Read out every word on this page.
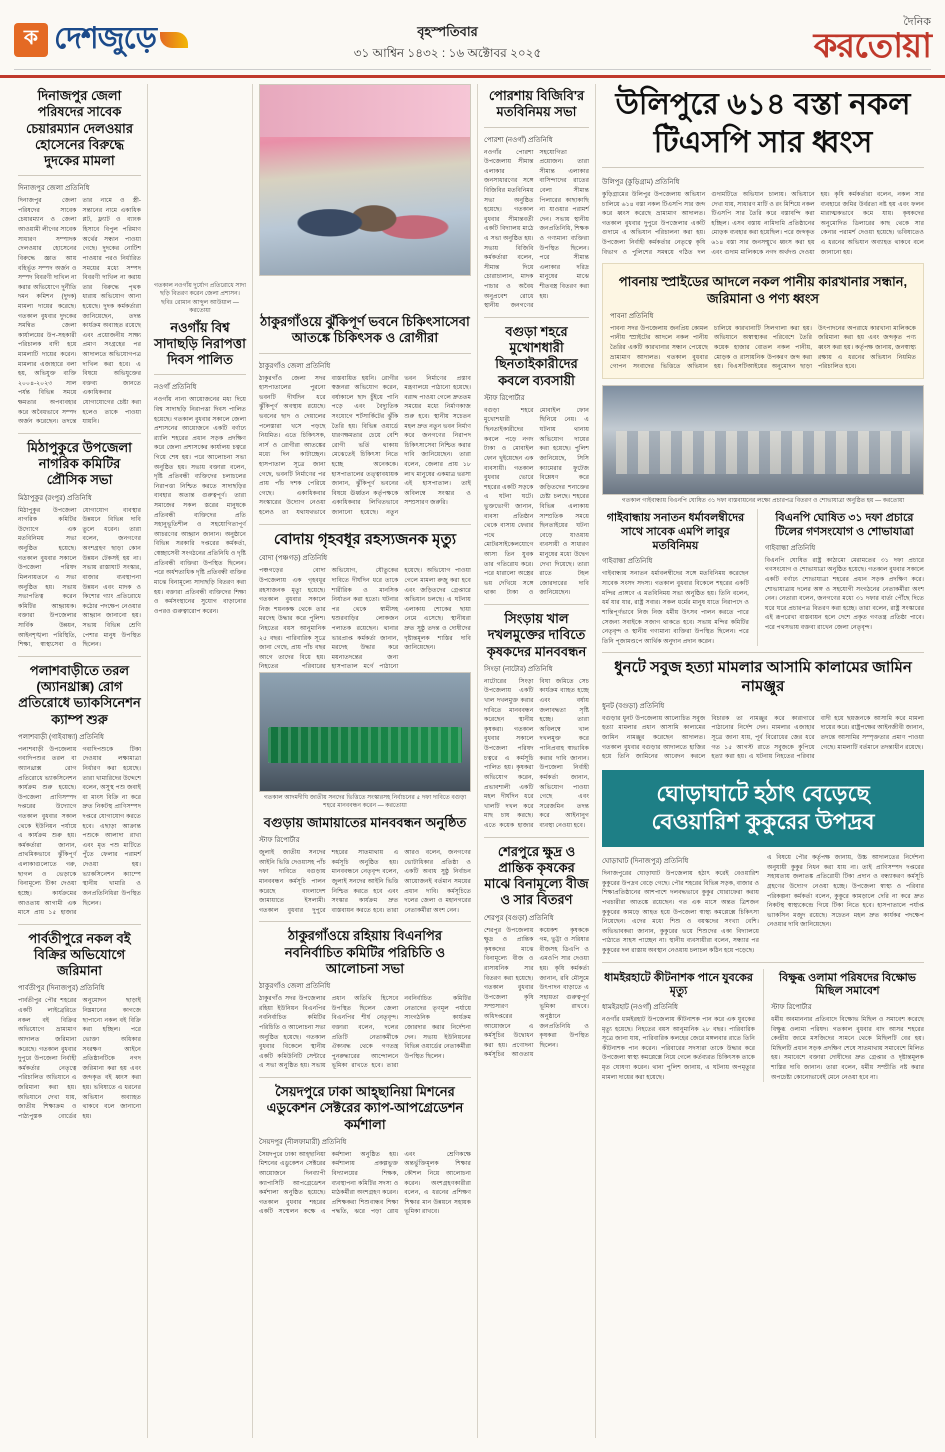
ক দেশজুড়ে	বৃহস্পতিবার
৩১ আশ্বিন ১৪৩২ : ১৬ অক্টোবর ২০২৫
দৈনিক
করতোয়া
দিনাজপুর জেলা পরিষদের সাবেক চেয়ারম্যান দেলওয়ার হোসেনের বিরুদ্ধে দুদকের মামলা
দিনাজপুর জেলা প্রতিনিধি
দিনাজপুর জেলা পরিষদের সাবেক চেয়ারম্যান ও জেলা আওয়ামী লীগের সাবেক সাধারণ সম্পাদক দেলওয়ার হোসেনের বিরুদ্ধে জ্ঞাত আয় বহির্ভূত সম্পদ অর্জন ও সম্পদ বিবরণী দাখিল না করার অভিযোগে দুর্নীতি দমন কমিশন (দুদক) মামলা দায়ের করেছে। গতকাল বুধবার দুদকের সমন্বিত জেলা কার্যালয়ের উপ-সহকারী পরিচালক বাদী হয়ে মামলাটি দায়ের করেন। মামলার এজাহারে বলা হয়, অভিযুক্ত ব্যক্তি ২০০৪-২০২৩ সাল পর্যন্ত বিভিন্ন সময়ে ক্ষমতার অপব্যবহার করে অবৈধভাবে সম্পদ অর্জন করেছেন। তদন্তে তার নামে ও স্ত্রী-সন্তানের নামে একাধিক প্লট, ফ্ল্যাট ও ব্যাংক হিসাবে বিপুল পরিমাণ অর্থের সন্ধান পাওয়া গেছে। দুদকের নোটিশ পাওয়ার পরও নির্ধারিত সময়ের মধ্যে সম্পদ বিবরণী দাখিল না করায় তার বিরুদ্ধে পৃথক ধারায় অভিযোগ আনা হয়েছে। দুদক কর্মকর্তারা জানিয়েছেন, তদন্ত কার্যক্রম অব্যাহত রয়েছে এবং প্রয়োজনীয় সাক্ষ্য প্রমাণ সংগ্রহের পর আদালতে অভিযোগপত্র দাখিল করা হবে। এ বিষয়ে অভিযুক্তের বক্তব্য জানতে একাধিকবার যোগাযোগের চেষ্টা করা হলেও তাকে পাওয়া যায়নি।
মিঠাপুকুরে উপজেলা নাগরিক কমিটির প্রৌসিক সভা
মিঠাপুকুর (রংপুর) প্রতিনিধি
মিঠাপুকুর উপজেলা নাগরিক কমিটির উদ্যোগে এক মতবিনিময় সভা অনুষ্ঠিত হয়েছে। গতকাল বুধবার সকালে উপজেলা পরিষদ মিলনায়তনে এ সভা অনুষ্ঠিত হয়। সভায় সভাপতিত্ব করেন কমিটির আহ্বায়ক। বক্তারা উপজেলার সার্বিক উন্নয়ন, আইনশৃঙ্খলা পরিস্থিতি, শিক্ষা, স্বাস্থ্যসেবা ও যোগাযোগ ব্যবস্থার উন্নয়নে বিভিন্ন দাবি তুলে ধরেন। তারা বলেন, জনগণের অংশগ্রহণ ছাড়া কোন উন্নয়ন টেকসই হয় না। সভায় রাস্তাঘাট সংস্কার, বাজার ব্যবস্থাপনা উন্নয়ন এবং মাদক ও কিশোর গ্যাং প্রতিরোধে কঠোর পদক্ষেপ নেওয়ার আহ্বান জানানো হয়। সভায় বিভিন্ন শ্রেণি পেশার মানুষ উপস্থিত ছিলেন।
পলাশবাড়ীতে তরল (অ্যানথ্রাক্স) রোগ প্রতিরোধে ভ্যাকসিনেশন ক্যাম্প শুরু
পলাশবাড়ী (গাইবান্ধা) প্রতিনিধি
পলাশবাড়ী উপজেলায় গবাদিপশুর তরল বা অ্যানথ্রাক্স রোগ প্রতিরোধে ভ্যাকসিনেশন কার্যক্রম শুরু হয়েছে। উপজেলা প্রাণিসম্পদ দপ্তরের উদ্যোগে গতকাল বুধবার সকাল থেকে ইউনিয়ন পর্যায়ে এ কার্যক্রম শুরু হয়। কর্মকর্তারা জানান, প্রাথমিকভাবে ঝুঁকিপূর্ণ এলাকাগুলোতে গরু, ছাগল ও ভেড়াকে বিনামূল্যে টিকা দেওয়া হচ্ছে। কার্যক্রমের আওতায় আগামী এক মাসে প্রায় ১৫ হাজার গবাদিপশুকে টিকা দেওয়ার লক্ষ্যমাত্রা নির্ধারণ করা হয়েছে। তারা খামারিদের উদ্দেশে বলেন, অসুস্থ পশু জবাই বা মাংস বিক্রি না করে দ্রুত নিকটস্থ প্রাণিসম্পদ দপ্তরে যোগাযোগ করতে হবে। এছাড়া আক্রান্ত পশুকে আলাদা রাখা এবং মৃত পশু মাটিতে পুঁতে ফেলার পরামর্শ দেওয়া হয়। ভ্যাকসিনেশন ক্যাম্পে স্থানীয় খামারি ও জনপ্রতিনিধিরা উপস্থিত ছিলেন।
পার্বতীপুরে নকল বই বিক্রির অভিযোগে জরিমানা
পার্বতীপুর (দিনাজপুর) প্রতিনিধি
পার্বতীপুর পৌর শহরের একটি লাইব্রেরিতে নকল বই বিক্রির অভিযোগে ভ্রাম্যমাণ আদালত জরিমানা করেছে। গতকাল বুধবার দুপুরে উপজেলা নির্বাহী কর্মকর্তার নেতৃত্বে পরিচালিত অভিযানে এ জরিমানা করা হয়। অভিযানে দেখা যায়, জাতীয় শিক্ষাক্রম ও পাঠ্যপুস্তক বোর্ডের অনুমোদন ছাড়াই নিম্নমানের কাগজে ছাপানো নকল বই বিক্রি করা হচ্ছিল। পরে ভোক্তা অধিকার সংরক্ষণ আইনে প্রতিষ্ঠানটিকে নগদ জরিমানা করা হয় এবং জব্দকৃত বই ধ্বংস করা হয়। ভবিষ্যতে এ ধরনের অভিযান অব্যাহত থাকবে বলে জানানো হয়।
গতকাল নওগাঁয় দুর্যোগ প্রতিরোধে সাদা ছড়ি বিতরণ করেন জেলা প্রশাসন। ছবিঃ রোমান আব্দুল আউয়াল — করতোয়া
নওগাঁয় বিশ্ব সাদাছড়ি নিরাপত্তা দিবস পালিত
নওগাঁ প্রতিনিধি
নওগাঁয় নানা আয়োজনের মধ্য দিয়ে বিশ্ব সাদাছড়ি নিরাপত্তা দিবস পালিত হয়েছে। গতকাল বুধবার সকালে জেলা প্রশাসনের আয়োজনে একটি বর্ণাঢ্য র‍্যালি শহরের প্রধান সড়ক প্রদক্ষিণ করে জেলা প্রশাসকের কার্যালয় চত্বরে গিয়ে শেষ হয়। পরে আলোচনা সভা অনুষ্ঠিত হয়। সভায় বক্তারা বলেন, দৃষ্টি প্রতিবন্ধী ব্যক্তিদের চলাচলের নিরাপত্তা নিশ্চিত করতে সাদাছড়ির ব্যবহার অত্যন্ত গুরুত্বপূর্ণ। তারা সমাজের সকল স্তরের মানুষকে প্রতিবন্ধী ব্যক্তিদের প্রতি সহানুভূতিশীল ও সহযোগিতাপূর্ণ আচরণের আহ্বান জানান। অনুষ্ঠানে বিভিন্ন সরকারি দপ্তরের কর্মকর্তা, স্বেচ্ছাসেবী সংগঠনের প্রতিনিধি ও দৃষ্টি প্রতিবন্ধী ব্যক্তিরা উপস্থিত ছিলেন। পরে অর্ধশতাধিক দৃষ্টি প্রতিবন্ধী ব্যক্তির মাঝে বিনামূল্যে সাদাছড়ি বিতরণ করা হয়। বক্তারা প্রতিবন্ধী ব্যক্তিদের শিক্ষা ও কর্মসংস্থানের সুযোগ বাড়ানোর ওপরও গুরুত্বারোপ করেন।
ঠাকুরগাঁওয়ে ঝুঁকিপূর্ণ ভবনে চিকিৎসাসেবা আতঙ্কে চিকিৎসক ও রোগীরা
ঠাকুরগাঁও জেলা প্রতিনিধি
ঠাকুরগাঁও জেলা সদর হাসপাতালের পুরনো ভবনটি দীর্ঘদিন ধরে ঝুঁকিপূর্ণ অবস্থায় রয়েছে। ভবনের ছাদ ও দেয়ালের পলেস্তারা খসে পড়ছে নিয়মিত। এতে চিকিৎসক, নার্স ও রোগীরা আতঙ্কের মধ্যে দিন কাটাচ্ছেন। হাসপাতাল সূত্রে জানা গেছে, ভবনটি নির্মাণের পর প্রায় পাঁচ দশক পেরিয়ে গেছে। একাধিকবার সংস্কারের উদ্যোগ নেওয়া হলেও তা যথাযথভাবে বাস্তবায়িত হয়নি। রোগীর স্বজনরা অভিযোগ করেন, বর্ষাকালে ছাদ চুঁইয়ে পানি পড়ে এবং বৈদ্যুতিক সংযোগে শর্টসার্কিটের ঝুঁকি তৈরি হয়। বিভিন্ন ওয়ার্ডে ধারণক্ষমতার চেয়ে বেশি রোগী ভর্তি থাকায় মেঝেতেই চিকিৎসা নিতে হচ্ছে অনেককে। হাসপাতালের তত্ত্বাবধায়ক জানান, ঝুঁকিপূর্ণ ভবনের বিষয়ে ঊর্ধ্বতন কর্তৃপক্ষকে একাধিকবার লিখিতভাবে জানানো হয়েছে। নতুন ভবন নির্মাণের প্রস্তাব মন্ত্রণালয়ে পাঠানো হয়েছে। বরাদ্দ পাওয়া গেলে দ্রুততম সময়ের মধ্যে নির্মাণকাজ শুরু হবে। স্থানীয় সচেতন মহল দ্রুত নতুন ভবন নির্মাণ করে জনগণের নিরাপদ চিকিৎসাসেবা নিশ্চিত করার দাবি জানিয়েছেন। তারা বলেন, জেলার প্রায় ১৮ লাখ মানুষের একমাত্র ভরসা এই হাসপাতাল। তাই অবিলম্বে সংস্কার ও সম্প্রসারণ জরুরি।
বোদায় গৃহবধূর রহস্যজনক মৃত্যু
বোদা (পঞ্চগড়) প্রতিনিধি
পঞ্চগড়ের বোদা উপজেলায় এক গৃহবধূর রহস্যজনক মৃত্যু হয়েছে। গতকাল বুধবার সকালে নিজ শয়নকক্ষ থেকে তার মরদেহ উদ্ধার করে পুলিশ। নিহতের বয়স আনুমানিক ২৫ বছর। পারিবারিক সূত্রে জানা গেছে, প্রায় পাঁচ বছর আগে তাদের বিয়ে হয়। নিহতের পরিবারের অভিযোগ, যৌতুকের দাবিতে দীর্ঘদিন ধরে তাকে শারীরিক ও মানসিক নির্যাতন করা হতো। ঘটনার পর থেকে স্বামীসহ শ্বশুরবাড়ির লোকজন পলাতক রয়েছেন। থানার ভারপ্রাপ্ত কর্মকর্তা জানান, মরদেহ উদ্ধার করে ময়নাতদন্তের জন্য হাসপাতাল মর্গে পাঠানো হয়েছে। অভিযোগ পাওয়া গেলে মামলা রুজু করা হবে এবং জড়িতদের গ্রেপ্তারে অভিযান চলছে। এ ঘটনায় এলাকায় শোকের ছায়া নেমে এসেছে। স্থানীয়রা দ্রুত সুষ্ঠু তদন্ত ও দোষীদের দৃষ্টান্তমূলক শাস্তির দাবি জানিয়েছেন।
গতকাল আদমদীঘি জাতীয় সনদের ভিত্তিতে সংস্কারসহ নির্বাচনের ৫ দফা দাবিতে বগুড়া শহরে মানববন্ধন করেন — করতোয়া
বগুড়ায় জামায়াতের মানববন্ধন অনুষ্ঠিত
স্টাফ রিপোর্টার
জুলাই জাতীয় সনদের আইনি ভিত্তি দেওয়াসহ পাঁচ দফা দাবিতে বগুড়ায় মানববন্ধন কর্মসূচি পালন করেছে বাংলাদেশ জামায়াতে ইসলামী। গতকাল বুধবার দুপুরে শহরের সাতমাথায় এ কর্মসূচি অনুষ্ঠিত হয়। মানববন্ধনে নেতৃবৃন্দ বলেন, জুলাই সনদের আইনি ভিত্তি নিশ্চিত করতে হবে এবং সংস্কার কার্যক্রম দ্রুত বাস্তবায়ন করতে হবে। তারা আরও বলেন, জনগণের ভোটাধিকার প্রতিষ্ঠা ও একটি অবাধ সুষ্ঠু নির্বাচন আয়োজনই বর্তমান সময়ের প্রধান দাবি। কর্মসূচিতে দলের জেলা ও মহানগরের নেতাকর্মীরা অংশ নেন।
ঠাকুরগাঁওয়ে রহিয়ায় বিএনপির নবনির্বাচিত কমিটির পরিচিতি ও আলোচনা সভা
ঠাকুরগাঁও জেলা প্রতিনিধি
ঠাকুরগাঁও সদর উপজেলার রহিয়া ইউনিয়ন বিএনপির নবনির্বাচিত কমিটির পরিচিতি ও আলোচনা সভা অনুষ্ঠিত হয়েছে। গতকাল বুধবার বিকেলে স্থানীয় একটি কমিউনিটি সেন্টারে এ সভা অনুষ্ঠিত হয়। সভায় প্রধান অতিথি হিসেবে উপস্থিত ছিলেন জেলা বিএনপির শীর্ষ নেতৃবৃন্দ। বক্তারা বলেন, দলের প্রতিটি নেতাকর্মীকে ঐক্যবদ্ধ থেকে গণতন্ত্র পুনরুদ্ধারের আন্দোলনে ভূমিকা রাখতে হবে। তারা নবনির্বাচিত কমিটির নেতাদের তৃণমূল পর্যায়ে সাংগঠনিক কার্যক্রম জোরদার করার নির্দেশনা দেন। সভায় ইউনিয়নের বিভিন্ন ওয়ার্ডের নেতাকর্মীরা উপস্থিত ছিলেন।
সৈয়দপুরে ঢাকা আহ্ছানিয়া মিশনের এডুকেশন সেক্টরের ক্যাপ-আপগ্রেডেশন কর্মশালা
সৈয়দপুর (নীলফামারী) প্রতিনিধি
সৈয়দপুরে ঢাকা আহ্ছানিয়া মিশনের এডুকেশন সেক্টরের আয়োজনে দিনব্যাপী ক্যাপাসিটি আপগ্রেডেশন কর্মশালা অনুষ্ঠিত হয়েছে। গতকাল বুধবার শহরের একটি সম্মেলন কক্ষে এ কর্মশালা অনুষ্ঠিত হয়। কর্মশালায় প্রকল্পভুক্ত বিদ্যালয়ের শিক্ষক, ব্যবস্থাপনা কমিটির সদস্য ও মাঠকর্মীরা অংশগ্রহণ করেন। প্রশিক্ষকরা শিশুবান্ধব শিক্ষা পদ্ধতি, ঝরে পড়া রোধ এবং শ্রেণিকক্ষে অন্তর্ভুক্তিমূলক শিক্ষার কৌশল নিয়ে আলোচনা করেন। অংশগ্রহণকারীরা বলেন, এ ধরনের প্রশিক্ষণ শিক্ষার মান উন্নয়নে সহায়ক ভূমিকা রাখবে।
পোরশায় বিজিবি'র মতবিনিময় সভা
পোরশা (নওগাঁ) প্রতিনিধি
নওগাঁর পোরশা উপজেলায় সীমান্ত এলাকার জনসাধারণের সঙ্গে বিজিবির মতবিনিময় সভা অনুষ্ঠিত হয়েছে। গতকাল বুধবার সীমান্তবর্তী একটি বিদ্যালয় মাঠে এ সভা অনুষ্ঠিত হয়। সভায় বিজিবি কর্মকর্তারা বলেন, সীমান্ত দিয়ে চোরাচালান, মাদক পাচার ও অবৈধ অনুপ্রবেশ রোধে স্থানীয় জনগণের সহযোগিতা প্রয়োজন। তারা সীমান্ত এলাকার বাসিন্দাদের রাতের বেলা সীমান্ত পিলারের কাছাকাছি না যাওয়ার পরামর্শ দেন। সভায় স্থানীয় জনপ্রতিনিধি, শিক্ষক ও গণ্যমান্য ব্যক্তিরা উপস্থিত ছিলেন। পরে সীমান্ত এলাকার দরিদ্র মানুষের মাঝে শীতবস্ত্র বিতরণ করা হয়।
বগুড়া শহরে মুখোশধারী ছিনতাইকারীদের কবলে ব্যবসায়ী
স্টাফ রিপোর্টার
বগুড়া শহরে মুখোশধারী ছিনতাইকারীদের কবলে পড়ে নগদ টাকা ও মোবাইল ফোন খুইয়েছেন এক ব্যবসায়ী। গতকাল বুধবার ভোরে শহরের একটি সড়কে এ ঘটনা ঘটে। ভুক্তভোগী জানান, ব্যবসা প্রতিষ্ঠান থেকে বাসায় ফেরার পথে মোটরসাইকেলযোগে আসা তিন যুবক তার গতিরোধ করে। পরে ধারালো অস্ত্রের ভয় দেখিয়ে সঙ্গে থাকা টাকা ও মোবাইল ফোন ছিনিয়ে নেয়। এ ঘটনায় থানায় অভিযোগ দায়ের করা হয়েছে। পুলিশ জানিয়েছে, সিসি ক্যামেরার ফুটেজ বিশ্লেষণ করে জড়িতদের শনাক্তের চেষ্টা চলছে। শহরের বিভিন্ন এলাকায় সাম্প্রতিক সময়ে ছিনতাইয়ের ঘটনা বেড়ে যাওয়ায় ব্যবসায়ী ও সাধারণ মানুষের মধ্যে উদ্বেগ দেখা দিয়েছে। তারা রাতে টহল জোরদারের দাবি জানিয়েছেন।
সিংড়ায় খাল দখলমুক্তের দাবিতে কৃষকদের মানববন্ধন
সিংড়া (নাটোর) প্রতিনিধি
নাটোরের সিংড়া উপজেলায় একটি খাল দখলমুক্ত করার দাবিতে মানববন্ধন করেছেন স্থানীয় কৃষকরা। গতকাল বুধবার সকালে উপজেলা পরিষদ চত্বরে এ কর্মসূচি পালিত হয়। কৃষকরা অভিযোগ করেন, প্রভাবশালী একটি মহল দীর্ঘদিন ধরে খালটি দখল করে মাছ চাষ করছে। এতে কয়েক হাজার বিঘা জমিতে সেচ কার্যক্রম ব্যাহত হচ্ছে এবং বর্ষায় জলাবদ্ধতা সৃষ্টি হচ্ছে। তারা অবিলম্বে খাল দখলমুক্ত করে পানিপ্রবাহ স্বাভাবিক করার দাবি জানান। উপজেলা নির্বাহী কর্মকর্তা জানান, অভিযোগ পাওয়া গেছে এবং সরেজমিন তদন্ত করে আইনানুগ ব্যবস্থা নেওয়া হবে।
শেরপুরে ক্ষুদ্র ও প্রান্তিক কৃষকের মাঝে বিনামূল্যে বীজ ও সার বিতরণ
শেরপুর (বগুড়া) প্রতিনিধি
শেরপুর উপজেলায় ক্ষুদ্র ও প্রান্তিক কৃষকদের মাঝে বিনামূল্যে বীজ ও রাসায়নিক সার বিতরণ করা হয়েছে। গতকাল বুধবার উপজেলা কৃষি সম্প্রসারণ অধিদপ্তরের আয়োজনে এ কর্মসূচির উদ্বোধন করা হয়। প্রণোদনা কর্মসূচির আওতায় কয়েকশ কৃষককে গম, ভুট্টা ও সরিষার বীজসহ ডিএপি ও এমওপি সার দেওয়া হয়। কৃষি কর্মকর্তা জানান, রবি মৌসুমে উৎপাদন বাড়াতে এ সহায়তা গুরুত্বপূর্ণ ভূমিকা রাখবে। অনুষ্ঠানে জনপ্রতিনিধি ও কৃষকরা উপস্থিত ছিলেন।
উলিপুরে ৬১৪ বস্তা নকল টিএসপি সার ধ্বংস
উলিপুর (কুড়িগ্রাম) প্রতিনিধি
কুড়িগ্রামের উলিপুর উপজেলায় অভিযান চালিয়ে ৬১৪ বস্তা নকল টিএসপি সার জব্দ করে ধ্বংস করেছে ভ্রাম্যমাণ আদালত। গতকাল বুধবার দুপুরে উপজেলার একটি গুদামে এ অভিযান পরিচালনা করা হয়। উপজেলা নির্বাহী কর্মকর্তার নেতৃত্বে কৃষি বিভাগ ও পুলিশের সমন্বয়ে গঠিত দল গুদামটিতে অভিযান চালায়। অভিযানে দেখা যায়, সাধারণ মাটি ও রং মিশিয়ে নকল টিএসপি সার তৈরি করে বস্তাবন্দি করা হচ্ছিল। এসব বস্তায় নামিদামি প্রতিষ্ঠানের মোড়ক ব্যবহার করা হয়েছিল। পরে জব্দকৃত ৬১৪ বস্তা সার জনসম্মুখে ধ্বংস করা হয় এবং গুদাম মালিককে নগদ অর্থদণ্ড দেওয়া হয়। কৃষি কর্মকর্তারা বলেন, নকল সার ব্যবহারে জমির উর্বরতা নষ্ট হয় এবং ফলন মারাত্মকভাবে কমে যায়। কৃষকদের অনুমোদিত ডিলারের কাছ থেকে সার কেনার পরামর্শ দেওয়া হয়েছে। ভবিষ্যতেও এ ধরনের অভিযান অব্যাহত থাকবে বলে জানানো হয়।
পাবনায় স্প্রাইডের আদলে নকল পানীয় কারখানার সন্ধান, জরিমানা ও পণ্য ধ্বংস
পাবনা প্রতিনিধি
পাবনা সদর উপজেলায় জনপ্রিয় কোমল পানীয় স্প্রাইটের আদলে নকল পানীয় তৈরির একটি কারখানার সন্ধান পেয়েছে ভ্রাম্যমাণ আদালত। গতকাল বুধবার গোপন সংবাদের ভিত্তিতে অভিযান চালিয়ে কারখানাটি সিলগালা করা হয়। অভিযানে অস্বাস্থ্যকর পরিবেশে তৈরি কয়েক হাজার বোতল নকল পানীয়, মোড়ক ও রাসায়নিক উপকরণ জব্দ করা হয়। বিএসটিআইয়ের অনুমোদন ছাড়া উৎপাদনের অপরাধে কারখানা মালিককে জরিমানা করা হয় এবং জব্দকৃত পণ্য ধ্বংস করা হয়। কর্তৃপক্ষ জানায়, জনস্বাস্থ্য রক্ষায় এ ধরনের অভিযান নিয়মিত পরিচালিত হবে।
গতকাল গাইবান্ধায় বিএনপি ঘোষিত ৩১ দফা বাস্তবায়নের লক্ষ্যে প্রচারপত্র বিতরণ ও শোভাযাত্রা অনুষ্ঠিত হয় — করতোয়া
গাইবান্ধায় সনাতন ধর্মাবলম্বীদের সাথে সাবেক এমপি লাবুর মতবিনিময়
গাইবান্ধা প্রতিনিধি
গাইবান্ধায় সনাতন ধর্মাবলম্বীদের সঙ্গে মতবিনিময় করেছেন সাবেক সংসদ সদস্য। গতকাল বুধবার বিকেলে শহরের একটি মন্দির প্রাঙ্গণে এ মতবিনিময় সভা অনুষ্ঠিত হয়। তিনি বলেন, ধর্ম যার যার, রাষ্ট্র সবার। সকল ধর্মের মানুষ যাতে নিরাপদে ও শান্তিপূর্ণভাবে নিজ নিজ ধর্মীয় উৎসব পালন করতে পারে সেজন্য সবাইকে সজাগ থাকতে হবে। সভায় মন্দির কমিটির নেতৃবৃন্দ ও স্থানীয় গণ্যমান্য ব্যক্তিরা উপস্থিত ছিলেন। পরে তিনি পূজামণ্ডপে আর্থিক অনুদান প্রদান করেন।
বিএনপি ঘোষিত ৩১ দফা প্রচারে টিলের গণসংযোগ ও শোভাযাত্রা
গাইবান্ধা প্রতিনিধি
বিএনপি ঘোষিত রাষ্ট্র কাঠামো মেরামতের ৩১ দফা প্রচারে গণসংযোগ ও শোভাযাত্রা অনুষ্ঠিত হয়েছে। গতকাল বুধবার সকালে একটি বর্ণাঢ্য শোভাযাত্রা শহরের প্রধান সড়ক প্রদক্ষিণ করে। শোভাযাত্রায় দলের অঙ্গ ও সহযোগী সংগঠনের নেতাকর্মীরা অংশ নেন। নেতারা বলেন, জনগণের মধ্যে ৩১ দফার বার্তা পৌঁছে দিতে ঘরে ঘরে প্রচারপত্র বিতরণ করা হচ্ছে। তারা বলেন, রাষ্ট্র সংস্কারের এই রূপরেখা বাস্তবায়ন হলে দেশে প্রকৃত গণতন্ত্র প্রতিষ্ঠা পাবে। পরে পথসভায় বক্তব্য রাখেন জেলা নেতৃবৃন্দ।
ধুনটে সবুজ হত্যা মামলার আসামি কালামের জামিন নামঞ্জুর
ধুনট (বগুড়া) প্রতিনিধি
বগুড়ার ধুনট উপজেলায় আলোচিত সবুজ হত্যা মামলার প্রধান আসামি কালামের জামিন নামঞ্জুর করেছেন আদালত। গতকাল বুধবার বগুড়ার আদালতে হাজির হয়ে তিনি জামিনের আবেদন করলে বিচারক তা নামঞ্জুর করে কারাগারে পাঠানোর নির্দেশ দেন। মামলার এজাহার সূত্রে জানা যায়, পূর্ব বিরোধের জের ধরে গত ১৫ আগস্ট রাতে সবুজকে কুপিয়ে হত্যা করা হয়। এ ঘটনায় নিহতের পরিবার বাদী হয়ে ছয়জনকে আসামি করে মামলা দায়ের করে। রাষ্ট্রপক্ষের আইনজীবী জানান, তদন্তে আসামির সম্পৃক্ততার প্রমাণ পাওয়া গেছে। মামলাটি বর্তমানে তদন্তাধীন রয়েছে।
ঘোড়াঘাটে হঠাৎ বেড়েছে বেওয়ারিশ কুকুরের উপদ্রব
ঘোড়াঘাট (দিনাজপুর) প্রতিনিধি
দিনাজপুরের ঘোড়াঘাট উপজেলায় হঠাৎ করেই বেওয়ারিশ কুকুরের উপদ্রব বেড়ে গেছে। পৌর শহরের বিভিন্ন সড়ক, বাজার ও শিক্ষাপ্রতিষ্ঠানের আশপাশে দলবদ্ধভাবে কুকুর ঘোরাফেরা করায় পথচারীরা আতঙ্কে রয়েছেন। গত এক মাসে অন্তত ত্রিশজন কুকুরের কামড়ে আহত হয়ে উপজেলা স্বাস্থ্য কমপ্লেক্সে চিকিৎসা নিয়েছেন। এদের মধ্যে শিশু ও বয়স্কদের সংখ্যা বেশি। অভিভাবকরা জানান, কুকুরের ভয়ে শিশুদের একা বিদ্যালয়ে পাঠাতে সাহস পাচ্ছেন না। স্থানীয় ব্যবসায়ীরা বলেন, সন্ধ্যার পর কুকুরের দল রাস্তায় অবস্থান নেওয়ায় চলাচল কঠিন হয়ে পড়েছে।
এ বিষয়ে পৌর কর্তৃপক্ষ জানায়, উচ্চ আদালতের নির্দেশনা অনুযায়ী কুকুর নিধন করা যায় না। তাই প্রাণিসম্পদ দপ্তরের সহায়তায় জলাতঙ্ক প্রতিরোধী টিকা প্রদান ও বন্ধ্যাকরণ কর্মসূচি গ্রহণের উদ্যোগ নেওয়া হচ্ছে। উপজেলা স্বাস্থ্য ও পরিবার পরিকল্পনা কর্মকর্তা বলেন, কুকুরে কামড়ালে দেরি না করে দ্রুত নিকটস্থ স্বাস্থ্যকেন্দ্রে গিয়ে টিকা নিতে হবে। হাসপাতালে পর্যাপ্ত ভ্যাকসিন মজুদ রয়েছে। সচেতন মহল দ্রুত কার্যকর পদক্ষেপ নেওয়ার দাবি জানিয়েছেন।
ধামইরহাটে কীটনাশক পানে যুবকের মৃত্যু
ধামইরহাট (নওগাঁ) প্রতিনিধি
নওগাঁর ধামইরহাট উপজেলায় কীটনাশক পান করে এক যুবকের মৃত্যু হয়েছে। নিহতের বয়স আনুমানিক ২৮ বছর। পারিবারিক সূত্রে জানা যায়, পারিবারিক কলহের জেরে মঙ্গলবার রাতে তিনি কীটনাশক পান করেন। পরিবারের সদস্যরা তাকে উদ্ধার করে উপজেলা স্বাস্থ্য কমপ্লেক্সে নিয়ে গেলে কর্তব্যরত চিকিৎসক তাকে মৃত ঘোষণা করেন। থানা পুলিশ জানায়, এ ঘটনায় অপমৃত্যুর মামলা দায়ের করা হয়েছে।
বিক্ষুব্ধ ওলামা পরিষদের বিক্ষোভ মিছিল সমাবেশ
স্টাফ রিপোর্টার
ধর্মীয় অবমাননার প্রতিবাদে বিক্ষোভ মিছিল ও সমাবেশ করেছে বিক্ষুব্ধ ওলামা পরিষদ। গতকাল বুধবার বাদ আসর শহরের কেন্দ্রীয় জামে মসজিদের সামনে থেকে মিছিলটি বের হয়। মিছিলটি প্রধান সড়ক প্রদক্ষিণ শেষে সাতমাথায় সমাবেশে মিলিত হয়। সমাবেশে বক্তারা দোষীদের দ্রুত গ্রেপ্তার ও দৃষ্টান্তমূলক শাস্তির দাবি জানান। তারা বলেন, ধর্মীয় সম্প্রীতি নষ্ট করার অপচেষ্টা কোনোভাবেই মেনে নেওয়া হবে না।
